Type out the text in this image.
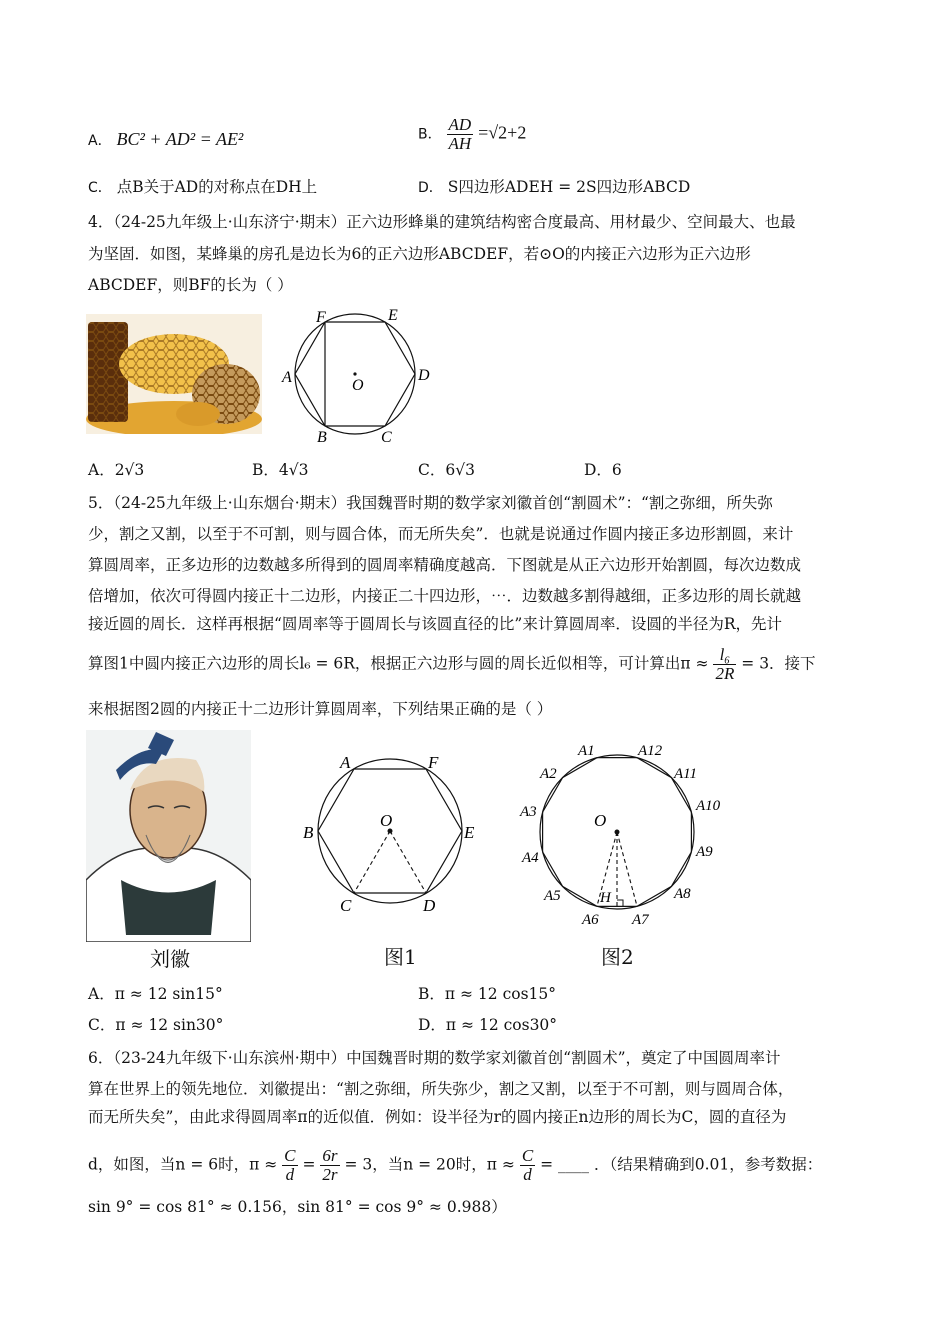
A． BC² + AD² = AE²	B． $\frac{AD}{AH} =√2+2$
C． 点B关于AD的对称点在DH上	D． S四边形ADEH = 2S四边形ABCD
4．（24-25九年级上·山东济宁·期末）正六边形蜂巢的建筑结构密合度最高、用材最少、空间最大、也最
为坚固．如图，某蜂巢的房孔是边长为6的正六边形ABCDEF，若⊙O的内接正六边形为正六边形
ABCDEF，则BF的长为（ ）
F	E
A	D
B	C
O
A．2√3	B．4√3	C．6√3	D．6
5．（24-25九年级上·山东烟台·期末）我国魏晋时期的数学家刘徽首创“割圆术”：“割之弥细，所失弥
少，割之又割，以至于不可割，则与圆合体，而无所失矣”．也就是说通过作圆内接正多边形割圆，来计
算圆周率，正多边形的边数越多所得到的圆周率精确度越高．下图就是从正六边形开始割圆，每次边数成
倍增加，依次可得圆内接正十二边形，内接正二十四边形，⋯．边数越多割得越细，正多边形的周长就越
接近圆的周长．这样再根据“圆周率等于圆周长与该圆直径的比”来计算圆周率．设圆的半径为R，先计
算图1中圆内接正六边形的周长l₆ = 6R，根据正六边形与圆的周长近似相等，可计算出$\pi \approx \frac{\text{l₆}}{2R} = 3$．接下
来根据图2圆的内接正十二边形计算圆周率，下列结果正确的是（ ）
刘徽
A	F
B	E
C	D
O
图1
O
H
A1	A12
A2	A11
A3	A10
A4	A9
A5	A8
A6 A7
图2
A．π ≈ 12 sin15°	B．π ≈ 12 cos15°
C．π ≈ 12 sin30°	D．π ≈ 12 cos30°
6．（23-24九年级下·山东滨州·期中）中国魏晋时期的数学家刘徽首创“割圆术”，奠定了中国圆周率计
算在世界上的领先地位．刘徽提出：“割之弥细，所失弥少，割之又割，以至于不可割，则与圆周合体，
而无所失矣”，由此求得圆周率π的近似值．例如：设半径为r的圆内接正n边形的周长为C，圆的直径为
d，如图，当n = 6时，$\pi \approx \frac{C}{d} = \frac{6r}{2r} = 3$，当n = 20时，$\pi \approx \frac{C}{d}$ = ____ ．（结果精确到0.01，参考数据：
sin 9° = cos 81° ≈ 0.156，sin 81° = cos 9° ≈ 0.988）
